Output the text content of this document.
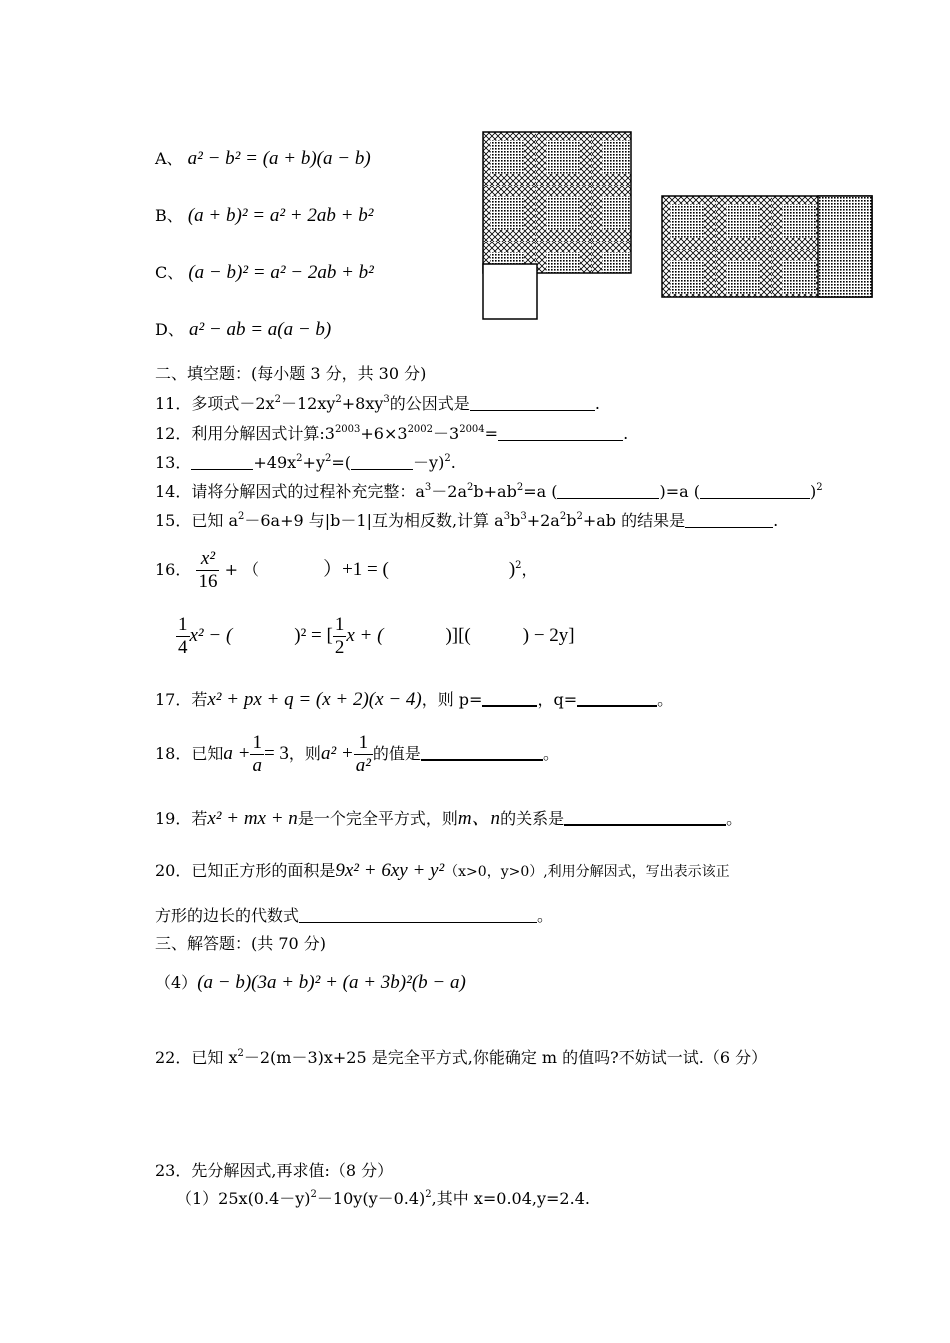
A、 a² − b² = (a + b)(a − b)
B、 (a + b)² = a² + 2ab + b²
C、 (a − b)² = a² − 2ab + b²
D、 a² − ab = a(a − b)
二、填空题：(每小题 3 分，共 30 分)
11．多项式$-2x^2-12xy^2+8xy^3$的公因式是	.
12．利用分解因式计算$:3^{2003}+6\times 3^{2002}-3^{2004}=$	.
13．	$+49x^2+y^2=$(	－y)$^2$.
14．请将分解因式的过程补充完整：$a^3-2a^2b+ab^2=a$ (	)=a (	)$^2$
15．已知 $a^2-6a+9$ 与|b－1|互为相反数,计算 $a^3b^3+2a^2b^2+ab$ 的结果是	.
16． $\frac{\text{x²}}{16}$ + （	）+1 = (	)$^2$，
$\frac{1}{4} x^2$ − (	)² = [ $\frac{1}{2}$ x + (	)][(	) − 2y]
17．若x² + px + q = (x + 2)(x − 4)，则 p=	，q=	。
18．已知$a + \frac{1}{a} = 3$，则$a^2 + \frac{1}{\text{a²}}$ 的值是	。
19．若x² + mx + n是一个完全平方式，则m、n的关系是	。
20．已知正方形的面积是9x² + 6xy + y²（x>0，y>0）,利用分解因式，写出表示该正
方形的边长的代数式	。
三、解答题：(共 70 分)
（4）(a − b)(3a + b)² + (a + 3b)²(b − a)
22．已知 $x^2-2(m-3)x+25$ 是完全平方式,你能确定 m 的值吗?不妨试一试.（6 分）
23．先分解因式,再求值:（8 分）
$(1)25x(0.4-y)^2-10y(y-0.4)^2$,其中 x=0.04,y=2.4.
